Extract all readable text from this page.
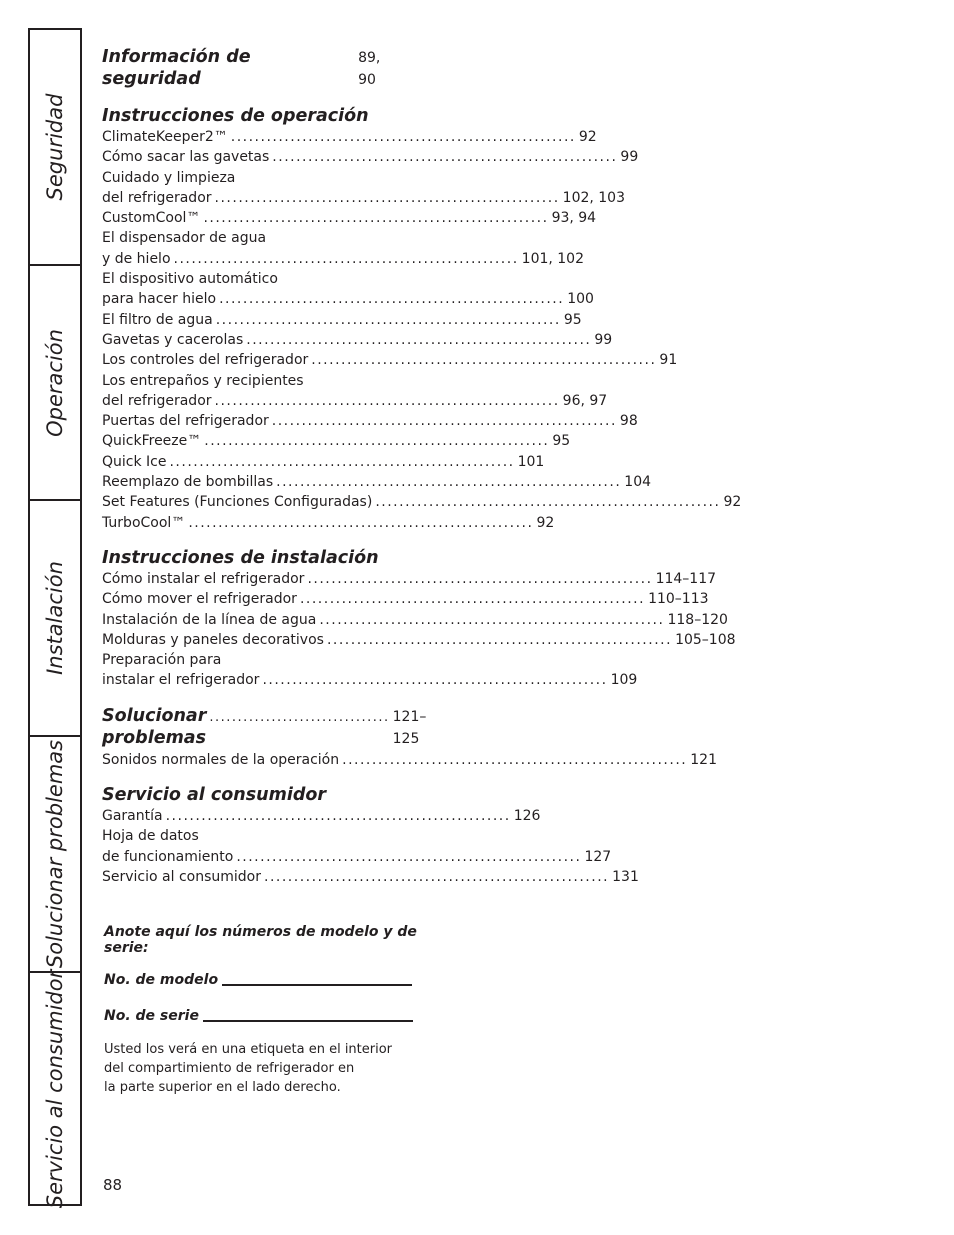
Seguridad
Operación
Instalación
Solucionar problemas
Servicio al consumidor
Información de seguridad
89, 90
Instrucciones de operación
ClimateKeeper2™ .......................................................... 92
Cómo sacar las gavetas .......................................................... 99
Cuidado y limpieza
del refrigerador .......................................................... 102, 103
CustomCool™ .......................................................... 93, 94
El dispensador de agua
y de hielo .......................................................... 101, 102
El dispositivo automático
para hacer hielo .......................................................... 100
El filtro de agua .......................................................... 95
Gavetas y cacerolas .......................................................... 99
Los controles del refrigerador .......................................................... 91
Los entrepaños y recipientes
del refrigerador .......................................................... 96, 97
Puertas del refrigerador .......................................................... 98
QuickFreeze™ .......................................................... 95
Quick Ice .......................................................... 101
Reemplazo de bombillas .......................................................... 104
Set Features (Funciones Configuradas) .......................................................... 92
TurboCool™ .......................................................... 92
Instrucciones de instalación
Cómo instalar el refrigerador .......................................................... 114–117
Cómo mover el refrigerador .......................................................... 110–113
Instalación de la línea de agua .......................................................... 118–120
Molduras y paneles decorativos .......................................................... 105–108
Preparación para
instalar el refrigerador .......................................................... 109
Solucionar problemas
................................ 121–125
Sonidos normales de la operación .......................................................... 121
Servicio al consumidor
Garantía .......................................................... 126
Hoja de datos
de funcionamiento .......................................................... 127
Servicio al consumidor .......................................................... 131
Anote aquí los números de modelo y de serie:
No. de modelo
No. de serie
Usted los verá en una etiqueta en el interior
del compartimiento de refrigerador en
la parte superior en el lado derecho.
88
